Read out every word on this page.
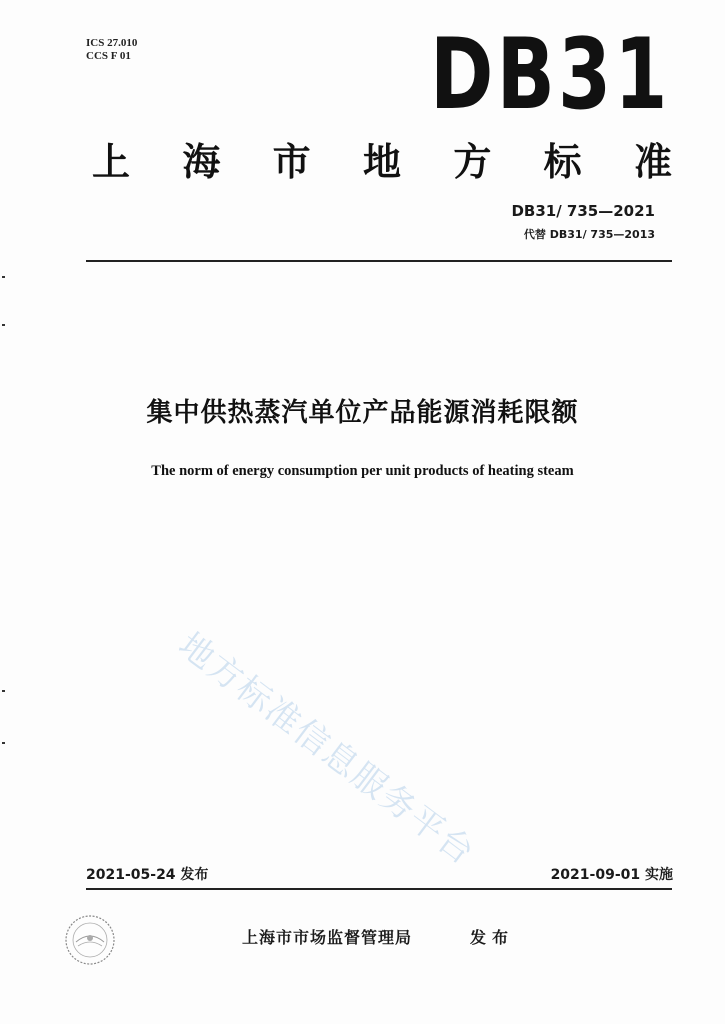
ICS 27.010
CCS F 01	DB31
上 海 市 地 方 标 准
DB31/ 735—2021
代替 DB31/ 735—2013
集中供热蒸汽单位产品能源消耗限额
The norm of energy consumption per unit products of heating steam
地方标准信息服务平台
2021-05-24 发布	2021-09-01 实施
上海市市场监督管理局	发布
